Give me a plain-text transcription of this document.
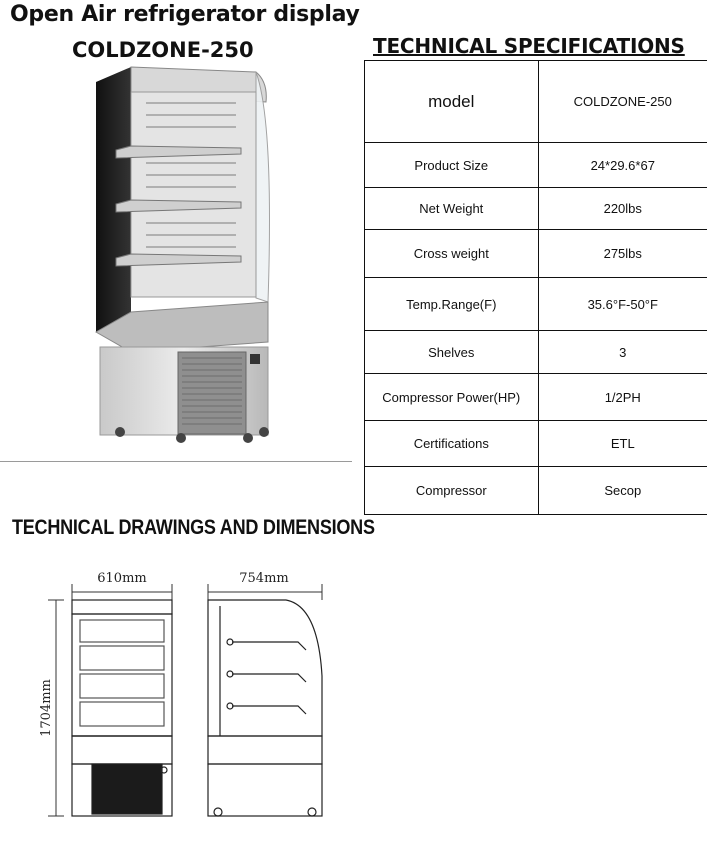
Open Air refrigerator display
COLDZONE-250	TECHNICAL SPECIFICATIONS
model	COLDZONE-250
Product Size	24*29.6*67
Net Weight	220lbs
Cross weight	275lbs
Temp.Range(F)	35.6°F-50°F
Shelves	3
Compressor Power(HP)	1/2PH
Certifications	ETL
Compressor	Secop
TECHNICAL DRAWINGS AND DIMENSIONS
610mm	754mm
1704mm
